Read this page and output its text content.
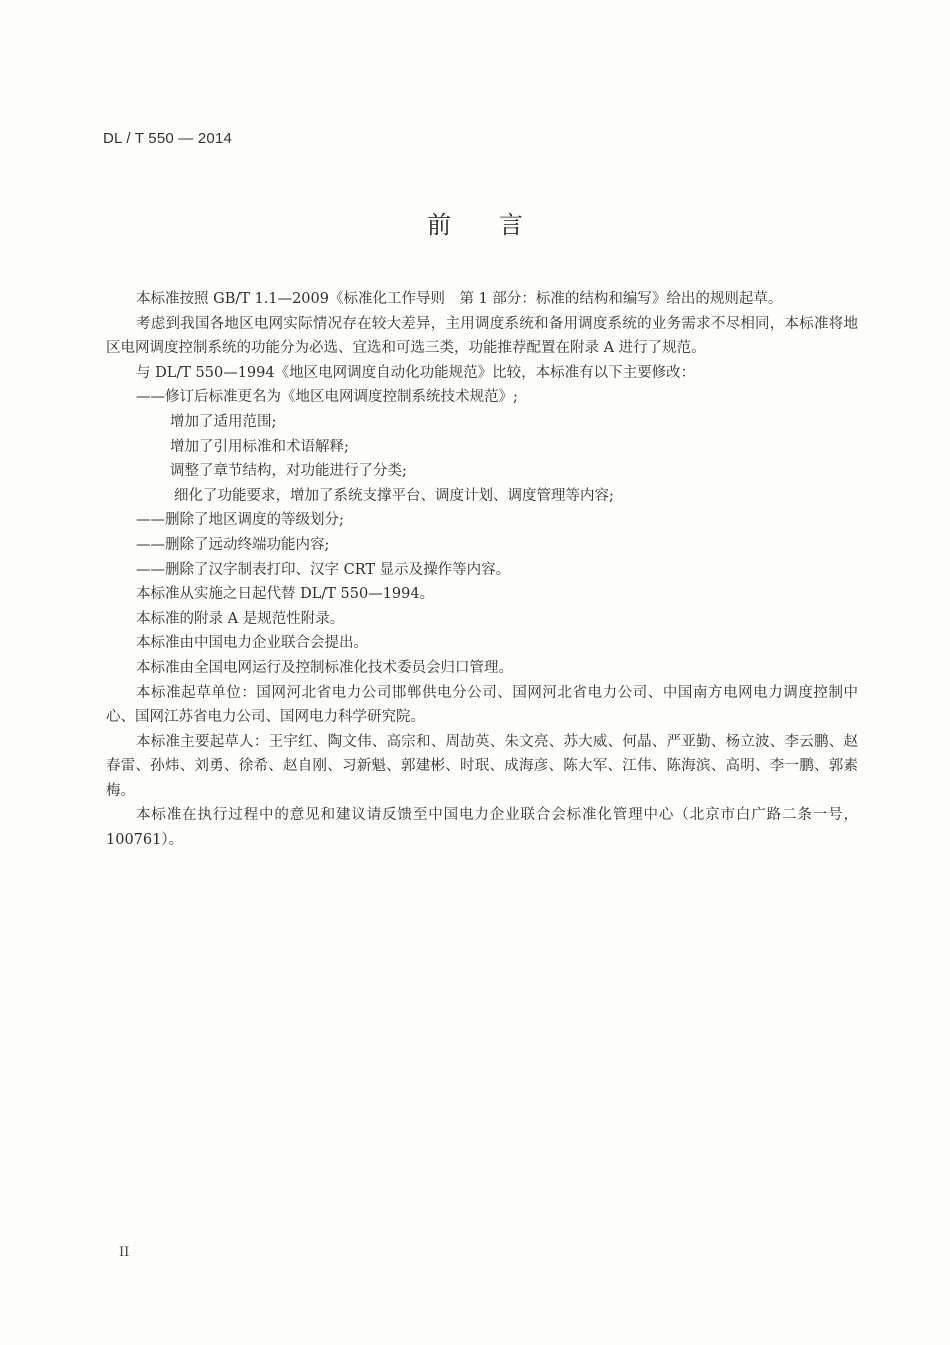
DL / T 550 — 2014
前 言

本标准按照 GB/T 1.1—2009《标准化工作导则　第 1 部分：标准的结构和编写》给出的规则起草。

考虑到我国各地区电网实际情况存在较大差异，主用调度系统和备用调度系统的业务需求不尽相同，本标准将地区电网调度控制系统的功能分为必选、宜选和可选三类，功能推荐配置在附录 A 进行了规范。

与 DL/T 550—1994《地区电网调度自动化功能规范》比较，本标准有以下主要修改：

——修订后标准更名为《地区电网调度控制系统技术规范》;

增加了适用范围;

增加了引用标准和术语解释;

调整了章节结构，对功能进行了分类;

细化了功能要求，增加了系统支撑平台、调度计划、调度管理等内容;

——删除了地区调度的等级划分;

——删除了远动终端功能内容;

——删除了汉字制表打印、汉字 CRT 显示及操作等内容。

本标准从实施之日起代替 DL/T 550—1994。

本标准的附录 A 是规范性附录。

本标准由中国电力企业联合会提出。

本标准由全国电网运行及控制标准化技术委员会归口管理。

本标准起草单位：国网河北省电力公司邯郸供电分公司、国网河北省电力公司、中国南方电网电力调度控制中心、国网江苏省电力公司、国网电力科学研究院。

本标准主要起草人：王宇红、陶文伟、高宗和、周劼英、朱文亮、苏大威、何晶、严亚勤、杨立波、李云鹏、赵春雷、孙炜、刘勇、徐希、赵自刚、习新魁、郭建彬、时珉、成海彦、陈大军、江伟、陈海滨、高明、李一鹏、郭素梅。

本标准在执行过程中的意见和建议请反馈至中国电力企业联合会标准化管理中心（北京市白广路二条一号，100761）。

II
